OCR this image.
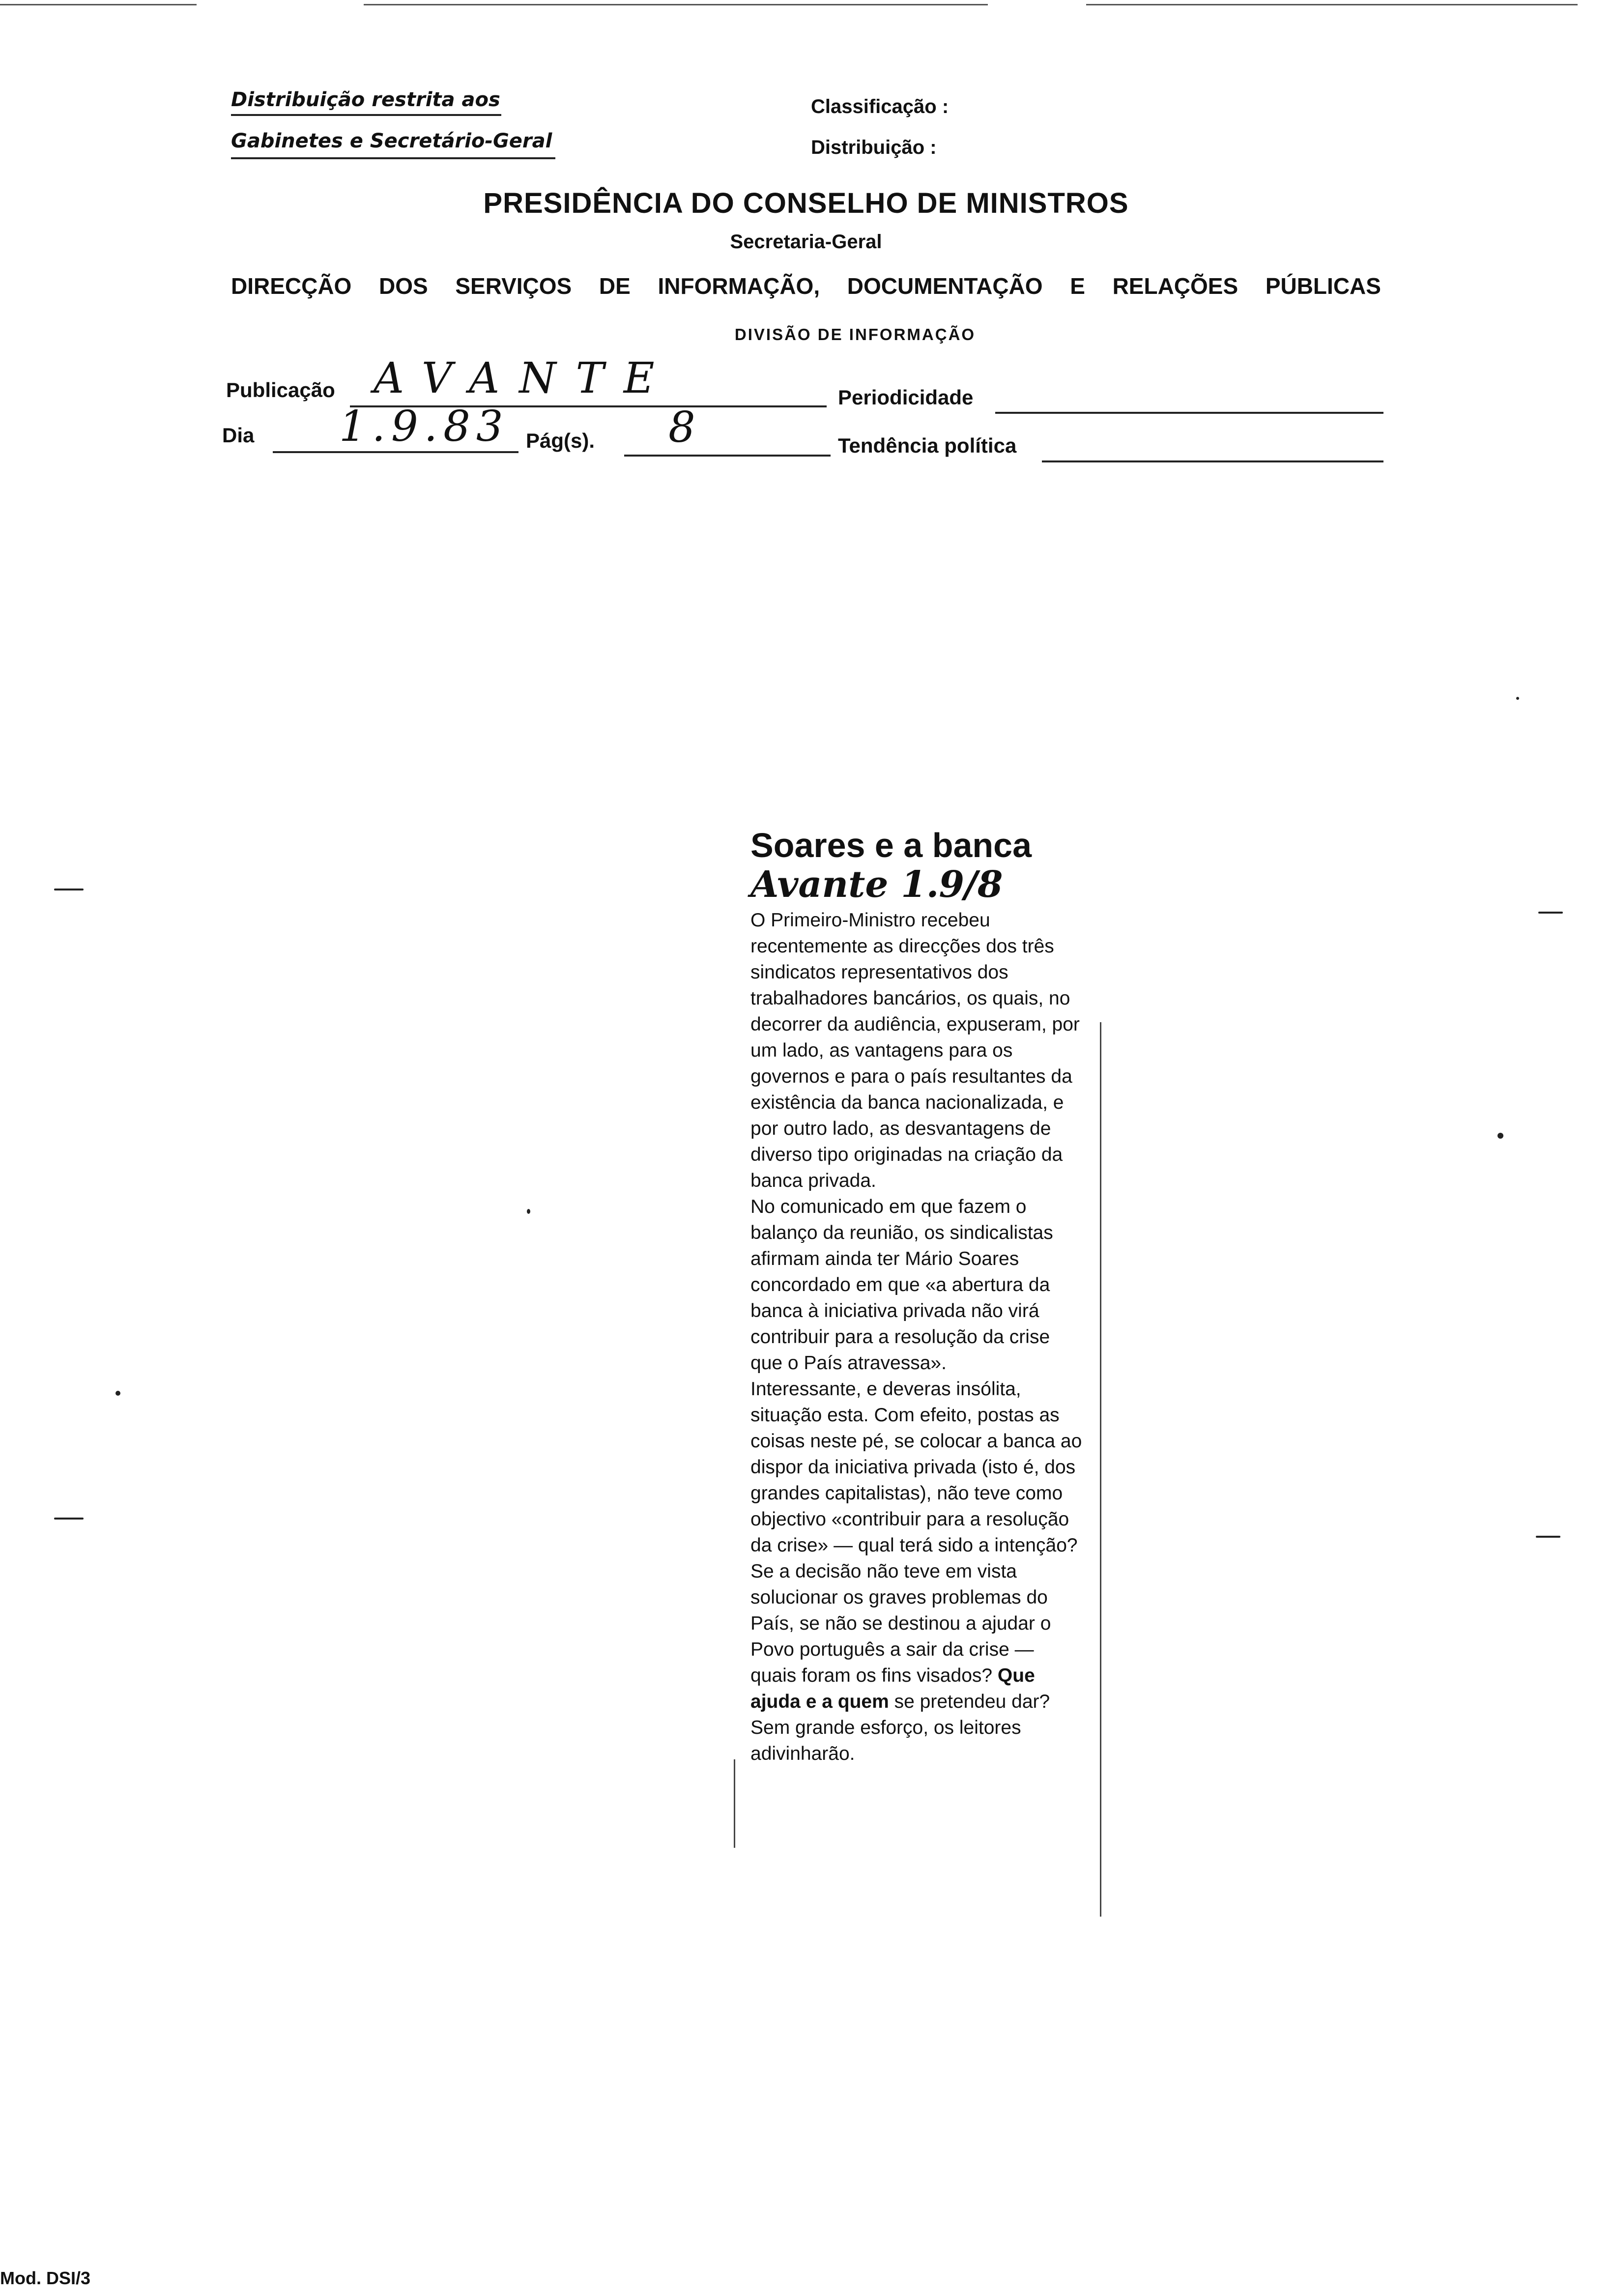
Distribuição restrita aos
Gabinetes e Secretário-Geral
Classificação :
Distribuição :
PRESIDÊNCIA DO CONSELHO DE MINISTROS
Secretaria-Geral
DIRECÇÃO DOS SERVIÇOS DE INFORMAÇÃO, DOCUMENTAÇÃO E RELAÇÕES PÚBLICAS
DIVISÃO DE INFORMAÇÃO
Publicação AVANTE	Periodicidade
Dia 1.9.83 Pág(s). 8	Tendência política
Soares e a banca
Avante 1.9/8

O Primeiro-Ministro recebeu recentemente as direcções dos três sindicatos representativos dos trabalhadores bancários, os quais, no decorrer da audiência, expuseram, por um lado, as vantagens para os governos e para o país resultantes da existência da banca nacionalizada, e por outro lado, as desvantagens de diverso tipo originadas na criação da banca privada.

No comunicado em que fazem o balanço da reunião, os sindicalistas afirmam ainda ter Mário Soares concordado em que «a abertura da banca à iniciativa privada não virá contribuir para a resolução da crise que o País atravessa».

Interessante, e deveras insólita, situação esta. Com efeito, postas as coisas neste pé, se colocar a banca ao dispor da iniciativa privada (isto é, dos grandes capitalistas), não teve como objectivo «contribuir para a resolução da crise» — qual terá sido a intenção?

Se a decisão não teve em vista solucionar os graves problemas do País, se não se destinou a ajudar o Povo português a sair da crise — quais foram os fins visados? Que ajuda e a quem se pretendeu dar?

Sem grande esforço, os leitores adivinharão.

Mod. DSI/3
